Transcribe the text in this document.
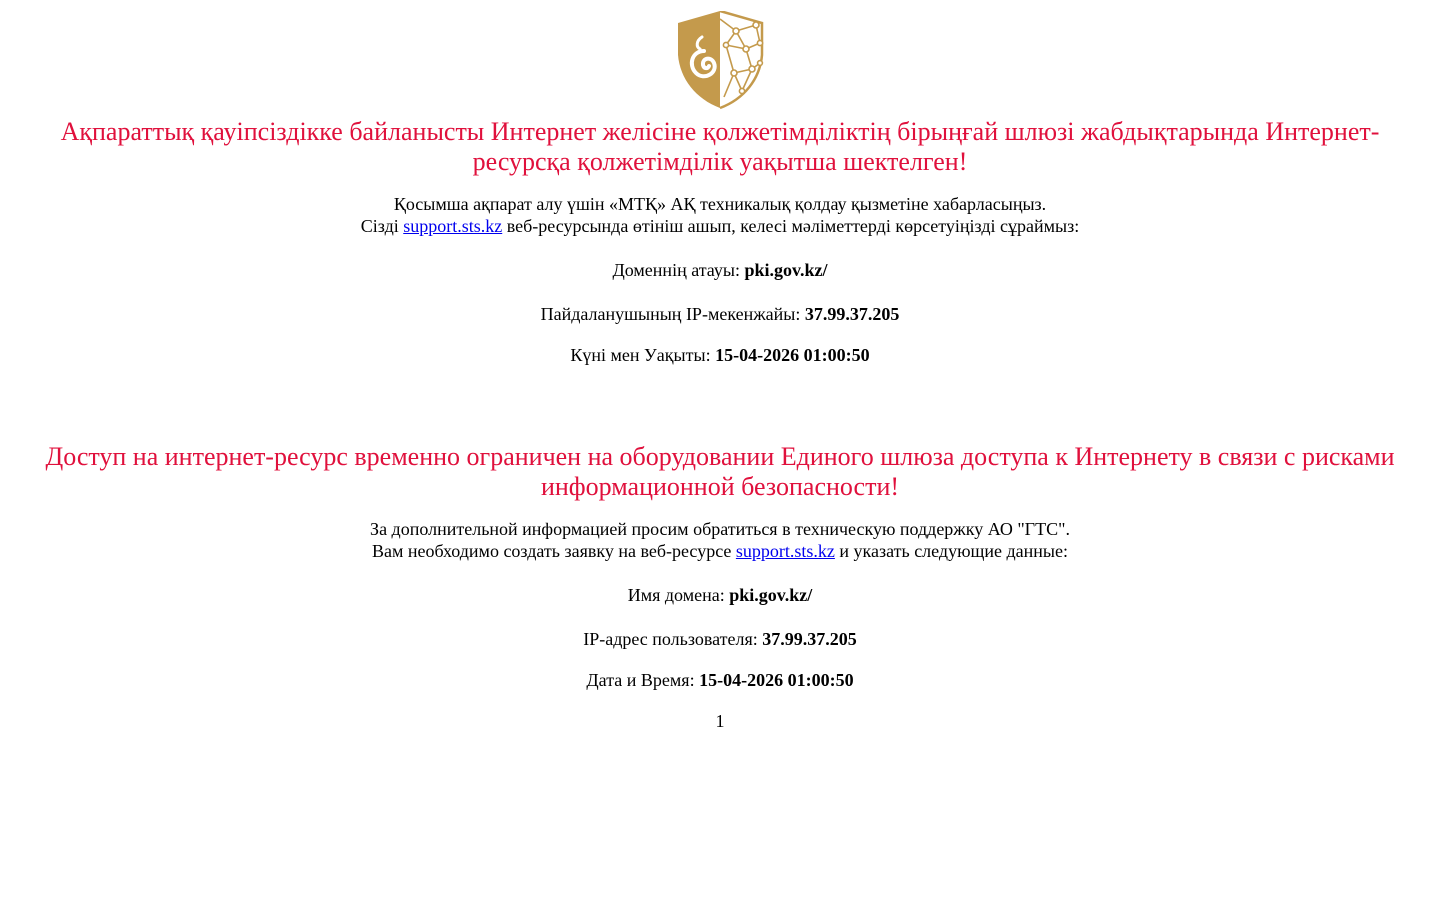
Ақпараттық қауіпсіздікке байланысты Интернет желісіне қолжетімділіктің бірыңғай шлюзі жабдықтарында Интернет-ресурсқа қолжетімділік уақытша шектелген!
Қосымша ақпарат алу үшін «МТҚ» АҚ техникалық қолдау қызметіне хабарласыңыз.
Сізді support.sts.kz веб-ресурсында өтініш ашып, келесі мәліметтерді көрсетуіңізді сұраймыз:
Доменнің атауы: pki.gov.kz/
Пайдаланушының IP-мекенжайы: 37.99.37.205
Күні мен Уақыты: 15-04-2026 01:00:50
Доступ на интернет-ресурс временно ограничен на оборудовании Единого шлюза доступа к Интернету в связи с рисками информационной безопасности!
За дополнительной информацией просим обратиться в техническую поддержку АО "ГТС".
Вам необходимо создать заявку на веб-ресурсе support.sts.kz и указать следующие данные:
Имя домена: pki.gov.kz/
IP-адрес пользователя: 37.99.37.205
Дата и Время: 15-04-2026 01:00:50
1
